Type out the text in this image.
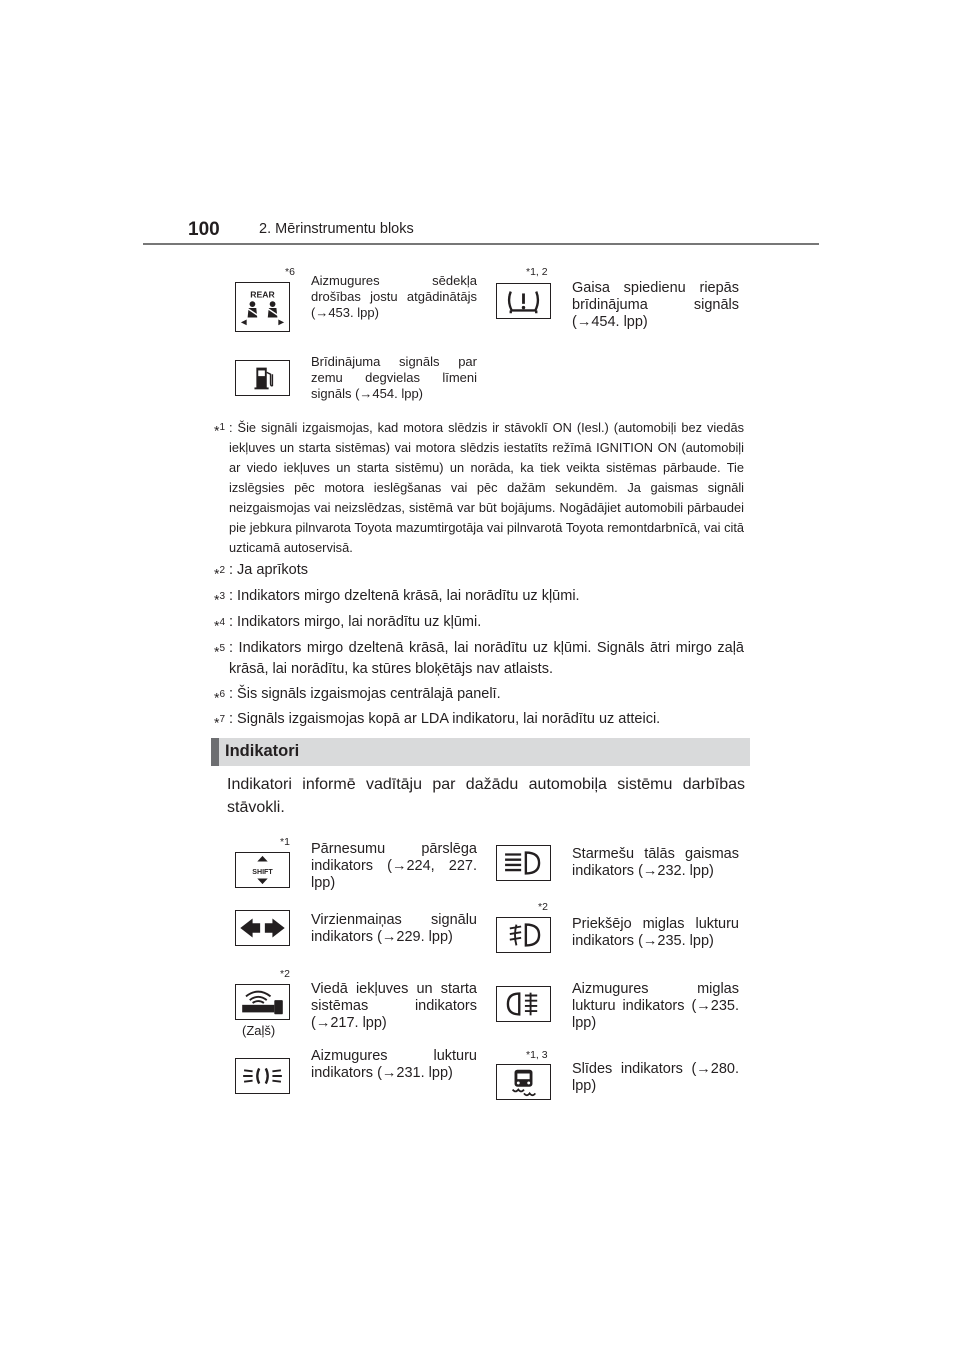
100	2. Mērinstrumentu bloks
*6
REAR
Aizmugures sēdekļa drošības jostu atgādinātājs (→453. lpp)
*1, 2
Gaisa spiedienu riepās brīdinājuma signāls (→454. lpp)
Brīdinājuma signāls par zemu degvielas līmeni signāls (→454. lpp)
*$^1$ : Šie signāli izgaismojas, kad motora slēdzis ir stāvoklī ON (Iesl.) (automobiļi bez viedās iekļuves un starta sistēmas) vai motora slēdzis iestatīts režīmā IGNITION ON (automobiļi ar viedo iekļuves un starta sistēmu) un norāda, ka tiek veikta sistēmas pārbaude. Tie izslēgsies pēc motora ieslēgšanas vai pēc dažām sekundēm. Ja gaismas signāli neizgaismojas vai neizslēdzas, sistēmā var būt bojājums. Nogādājiet automobili pārbaudei pie jebkura pilnvarota Toyota mazumtirgotāja vai pilnvarotā Toyota remontdarbnīcā, vai citā uzticamā autoservisā.
*$^2$ : Ja aprīkots
*$^3$ : Indikators mirgo dzeltenā krāsā, lai norādītu uz kļūmi.
*$^4$ : Indikators mirgo, lai norādītu uz kļūmi.
*$^5$ : Indikators mirgo dzeltenā krāsā, lai norādītu uz kļūmi. Signāls ātri mirgo zaļā krāsā, lai norādītu, ka stūres bloķētājs nav atlaists.
*$^6$ : Šis signāls izgaismojas centrālajā panelī.
*$^7$ : Signāls izgaismojas kopā ar LDA indikatoru, lai norādītu uz atteici.
Indikatori
Indikatori informē vadītāju par dažādu automobiļa sistēmu darbības stāvokli.
*1
SHIFT
Pārnesumu pārslēga indikators (→224, 227. lpp)
Starmešu tālās gaismas indikators (→232. lpp)
Virzienmaiņas signālu indikators (→229. lpp)
*2
Priekšējo miglas lukturu indikators (→235. lpp)
*2
(Zaļš)
Viedā iekļuves un starta sistēmas indikators (→217. lpp)
Aizmugures miglas lukturu indikators (→235. lpp)
Aizmugures lukturu indikators (→231. lpp)
*1, 3
Slīdes indikators (→280. lpp)
